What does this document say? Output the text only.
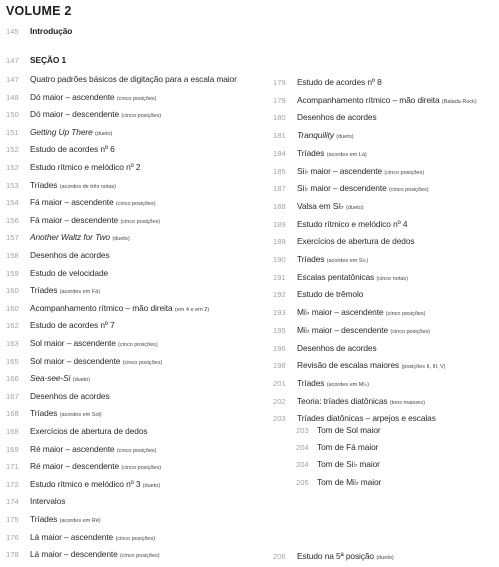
VOLUME 2
145 Introdução
147 SEÇÃO 1
147 Quatro padrões básicos de digitação para a escala maior
148 Dó maior – ascendente (cinco posições)
150 Dó maior – descendente (cinco posições)
151 Getting Up There (dueto)
152 Estudo de acordes nº 6
152 Estudo rítmico e melódico nº 2
153 Tríades (acordes de três notas)
154 Fá maior – ascendente (cinco posições)
156 Fá maior – descendente (cinco posições)
157 Another Waltz for Two (dueto)
158 Desenhos de acordes
159 Estudo de velocidade
160 Tríades (acordes em Fá)
160 Acompanhamento rítmico – mão direita (em 4 e em 2)
162 Estudo de acordes nº 7
163 Sol maior – ascendente (cinco posições)
165 Sol maior – descendente (cinco posições)
166 Sea-see-Si (dueto)
167 Desenhos de acordes
168 Tríades (acordes em Sol)
168 Exercícios de abertura de dedos
169 Ré maior – ascendente (cinco posições)
171 Ré maior – descendente (cinco posições)
172 Estudo rítmico e melódico nº 3 (dueto)
174 Intervalos
175 Tríades (acordes em Ré)
176 Lá maior – ascendente (cinco posições)
178 Lá maior – descendente (cinco posições)
179 Estudo de acordes nº 8
179 Acompanhamento rítmico – mão direita (Balada Rock)
180 Desenhos de acordes
181 Tranquility (dueto)
184 Tríades (acordes em Lá)
185 Si♭ maior – ascendente (cinco posições)
187 Si♭ maior – descendente (cinco posições)
188 Valsa em Si♭ (dueto)
189 Estudo rítmico e melódico nº 4
189 Exercícios de abertura de dedos
190 Tríades (acordes em Si♭)
191 Escalas pentatônicas (cinco notas)
192 Estudo de trêmolo
193 Mi♭ maior – ascendente (cinco posições)
195 Mi♭ maior – descendente (cinco posições)
196 Desenhos de acordes
198 Revisão de escalas maiores (posições II, III, V)
201 Tríades (acordes em Mi♭)
202 Teoria: tríades diatônicas (tons maiores)
203 Tríades diatônicas – arpejos e escalas
203 Tom de Sol maior
204 Tom de Fá maior
204 Tom de Si♭ maior
205 Tom de Mi♭ maior
206 Estudo na 5ª posição (dueto)
